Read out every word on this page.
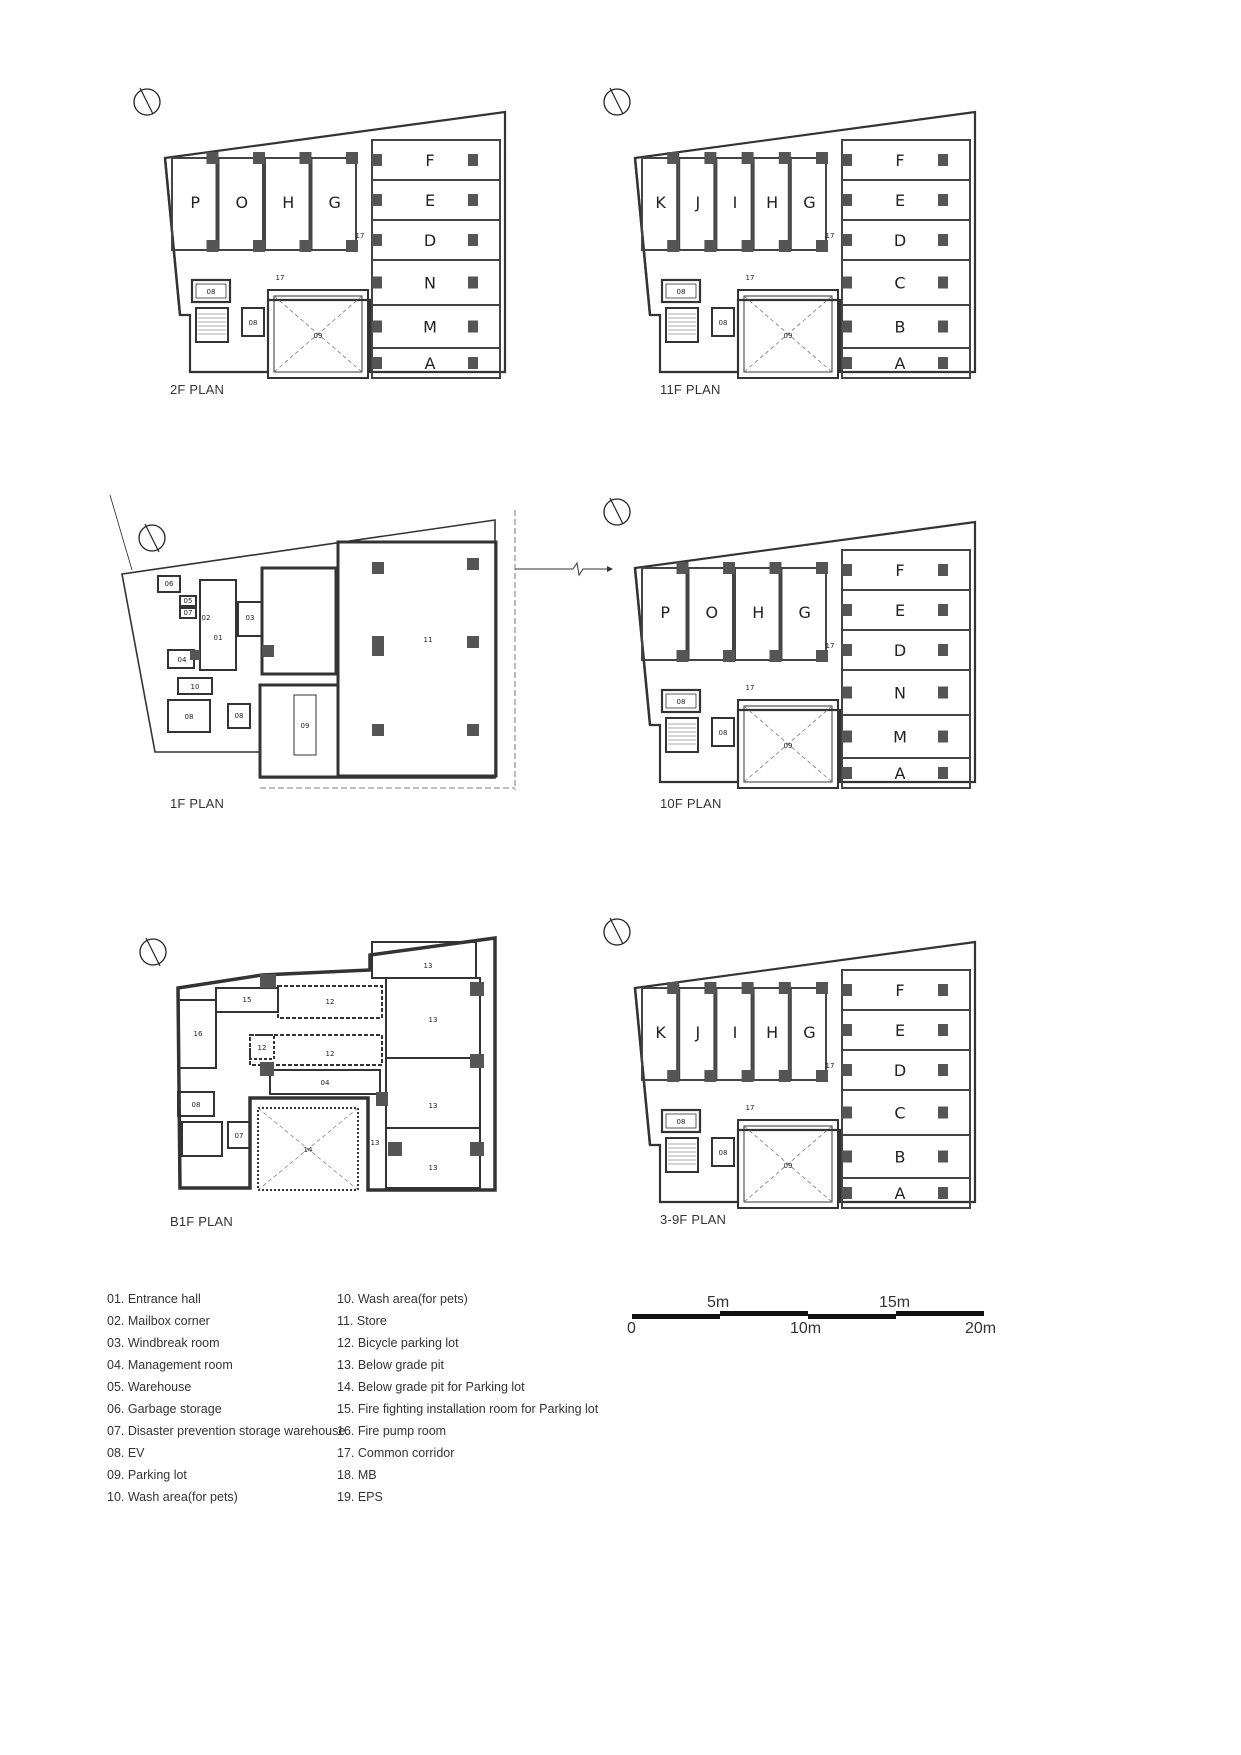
09
08
08
17
17
P O H G
F
E
D
N
M
A
2F PLAN
09
08
08
17
17
K J I H G
F
E
D
C
B
A
11F PLAN
11
09
06
05
07
02
01
03
04
10
08
08
1F PLAN
09
08
08
17
17
P O H G
F
E
D
N
M
A
10F PLAN
13
15	12
16
12
12
04
13
08
07
13
14
13
13
B1F PLAN
09
08
08
17
17
K J I H G
F
E
D
C
B
A
3-9F PLAN
01. Entrance hall
02. Mailbox corner
03. Windbreak room
04. Management room
05. Warehouse
06. Garbage storage
07. Disaster prevention storage warehouse
08. EV
09. Parking lot
10. Wash area(for pets)
10. Wash area(for pets)
11. Store
12. Bicycle parking lot
13. Below grade pit
14. Below grade pit for Parking lot
15. Fire fighting installation room for Parking lot
16. Fire pump room
17. Common corridor
18. MB
19. EPS
5m	15m
0	10m	20m
